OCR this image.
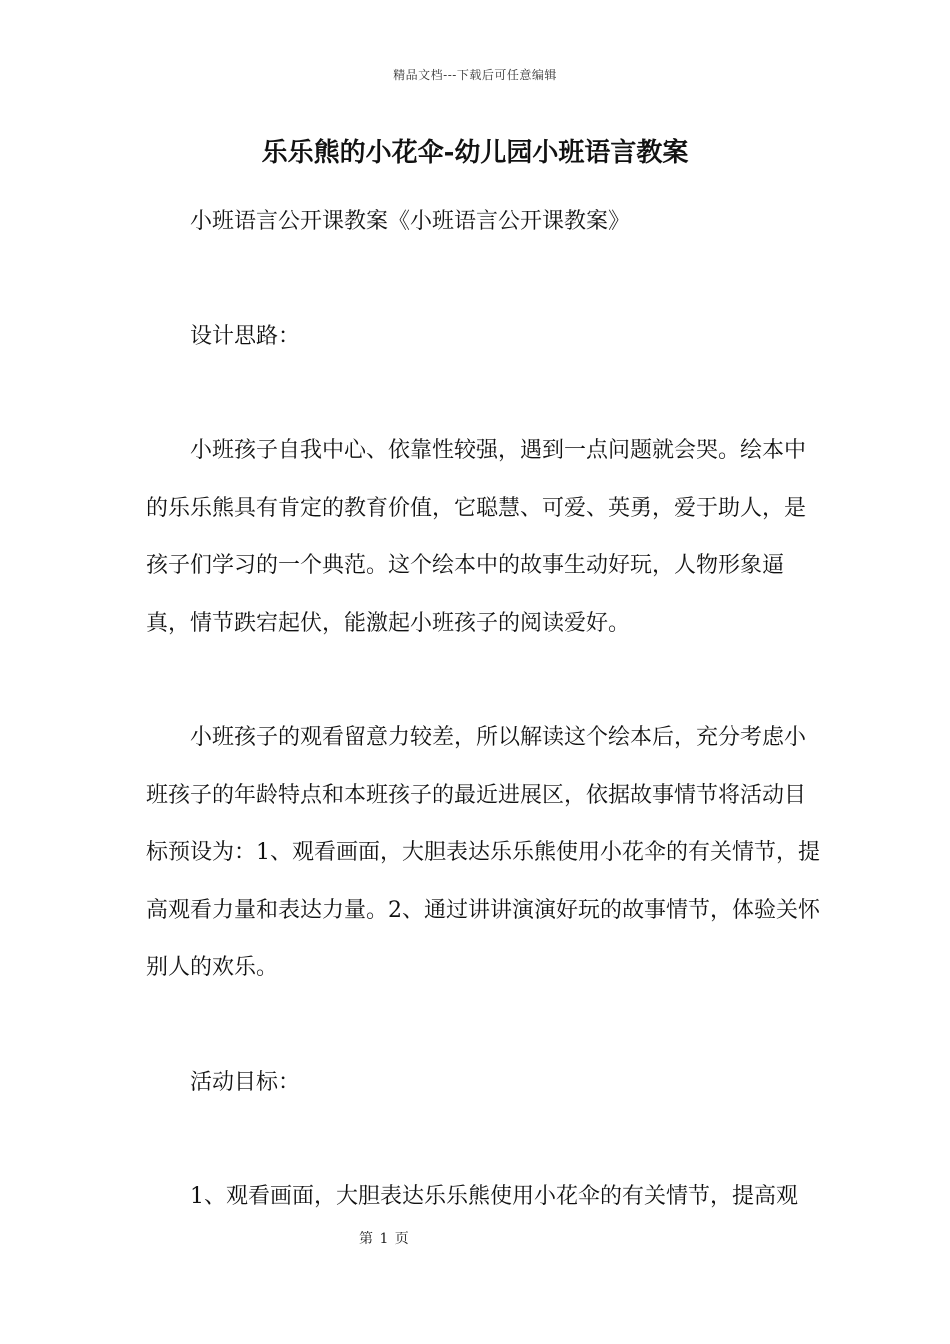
精品文档---下载后可任意编辑
乐乐熊的小花伞-幼儿园小班语言教案

小班语言公开课教案《小班语言公开课教案》

设计思路：

小班孩子自我中心、依靠性较强，遇到一点问题就会哭。绘本中的乐乐熊具有肯定的教育价值，它聪慧、可爱、英勇，爱于助人，是孩子们学习的一个典范。这个绘本中的故事生动好玩，人物形象逼真，情节跌宕起伏，能激起小班孩子的阅读爱好。

小班孩子的观看留意力较差，所以解读这个绘本后，充分考虑小班孩子的年龄特点和本班孩子的最近进展区，依据故事情节将活动目标预设为：1、观看画面，大胆表达乐乐熊使用小花伞的有关情节，提高观看力量和表达力量。2、通过讲讲演演好玩的故事情节，体验关怀别人的欢乐。

活动目标：

1、观看画面，大胆表达乐乐熊使用小花伞的有关情节，提高观

第 1 页
